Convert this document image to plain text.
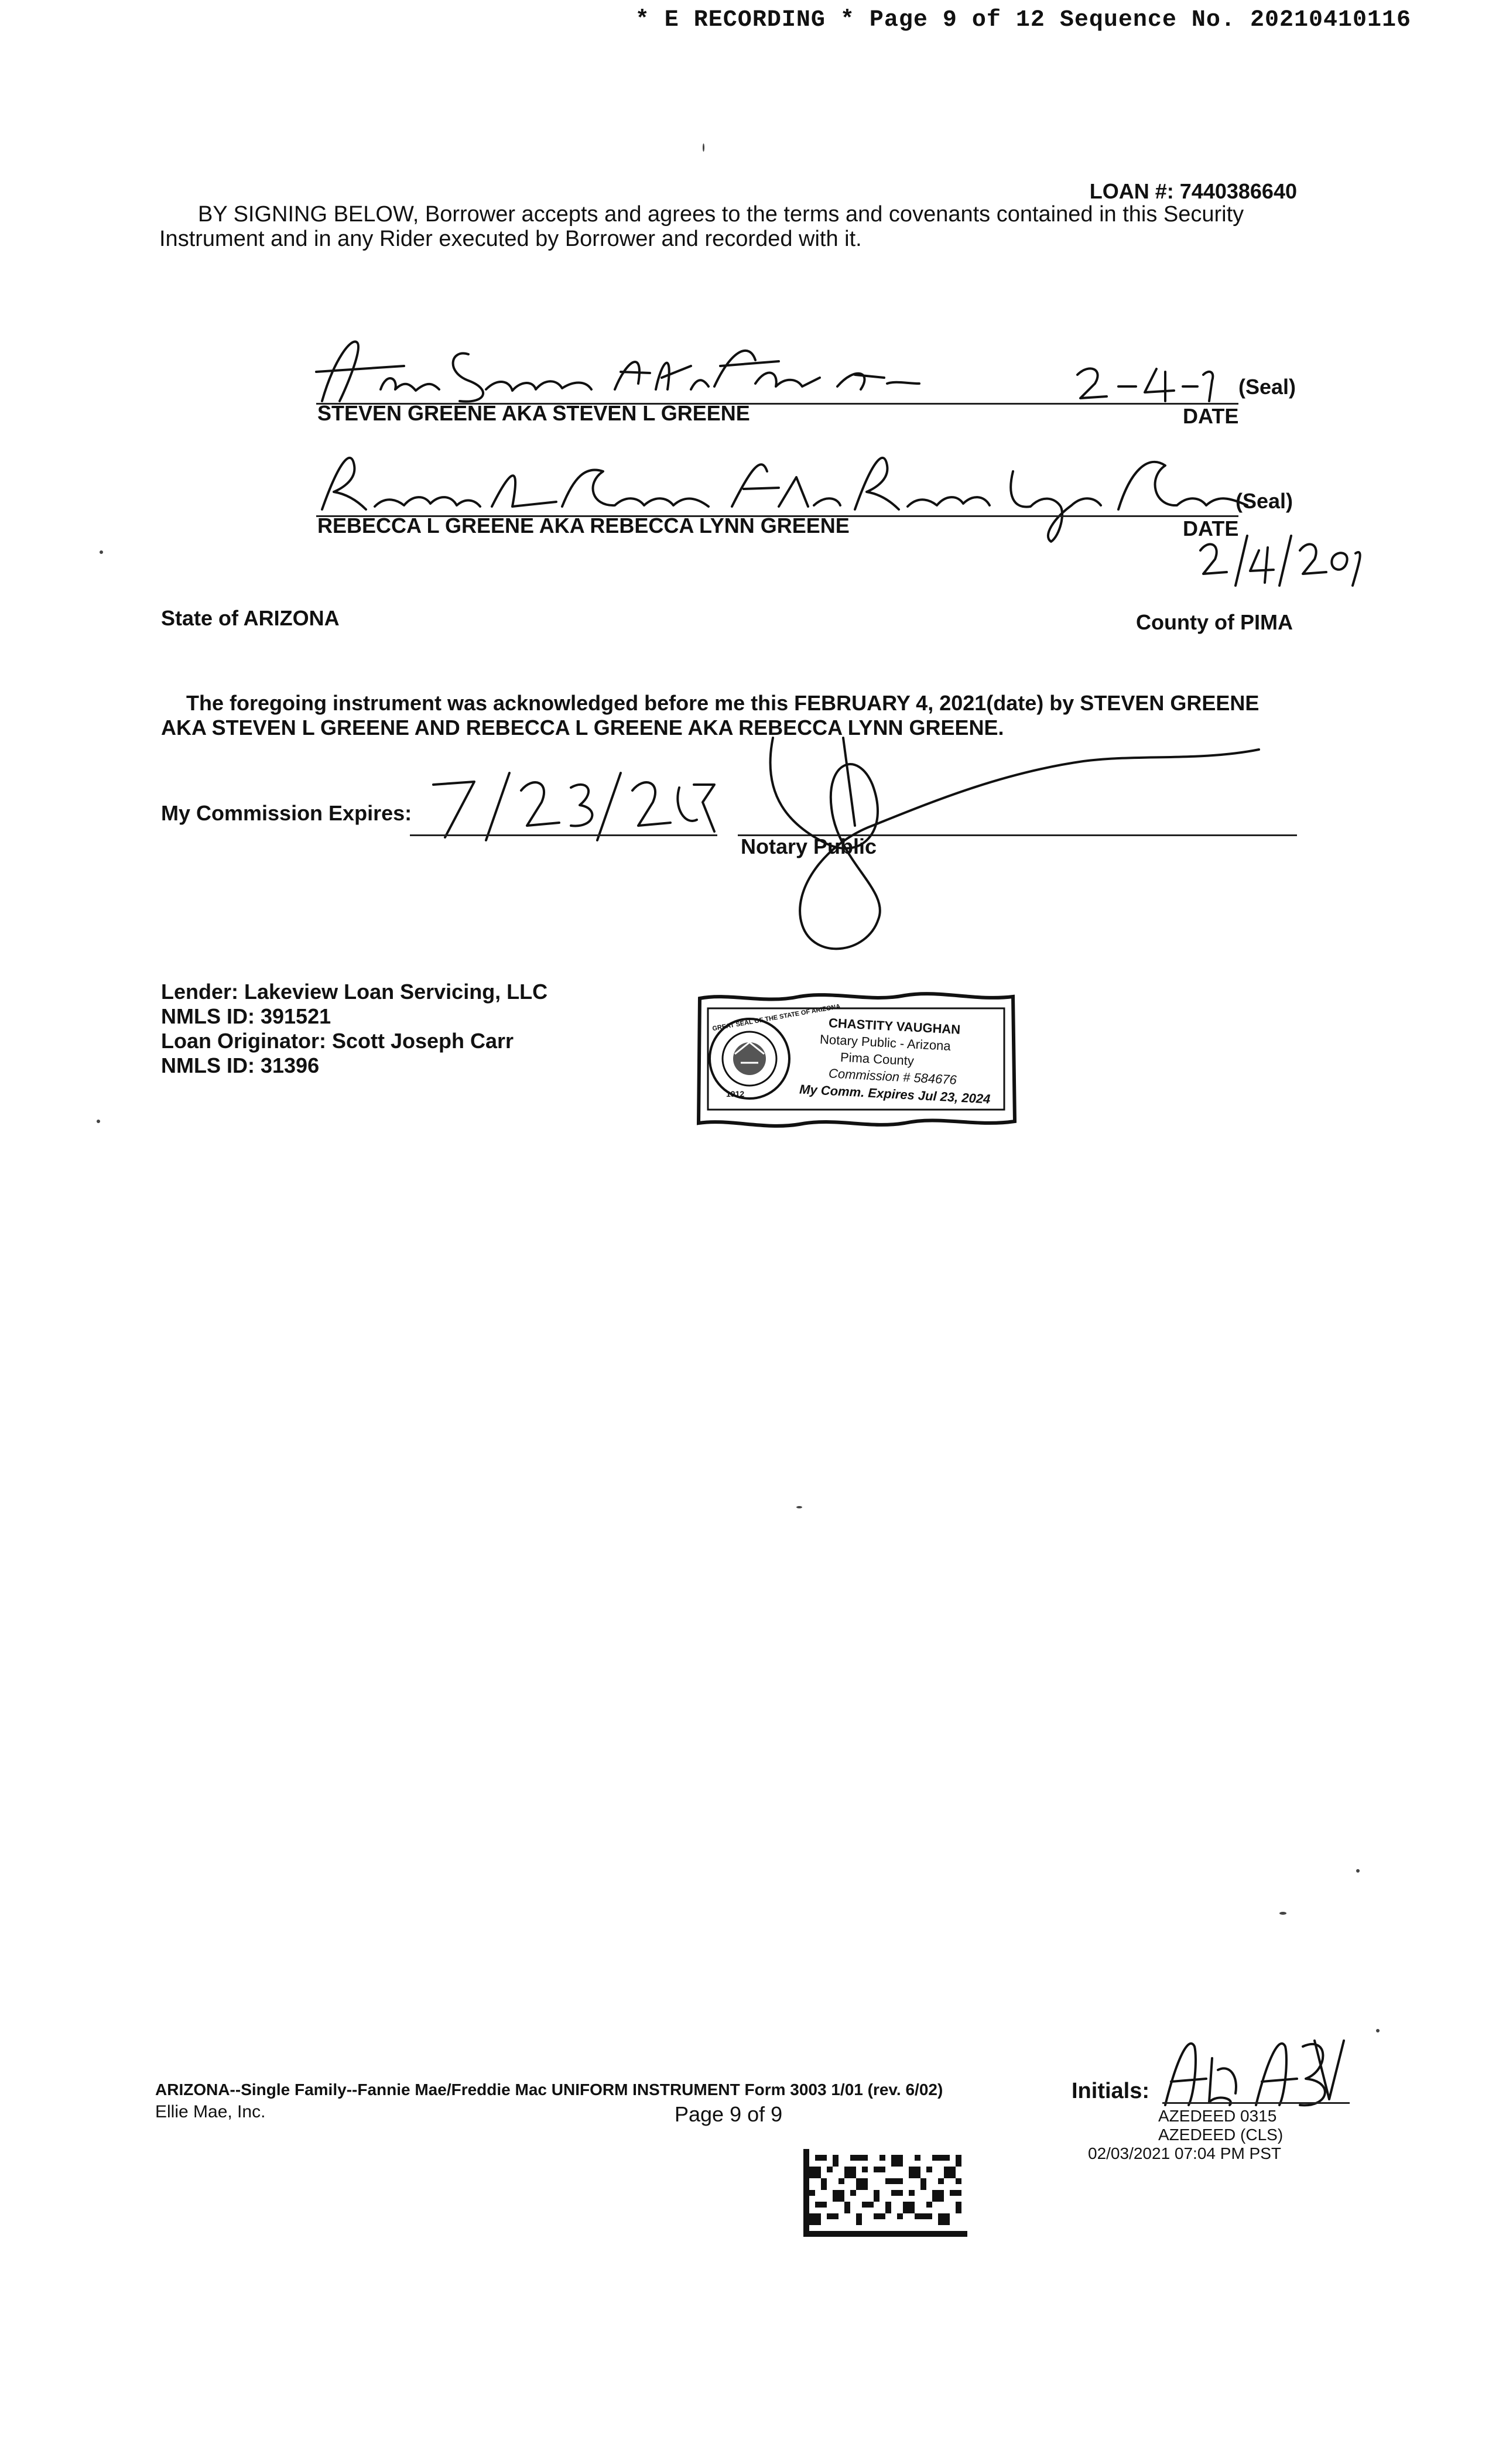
* E RECORDING * Page 9 of 12 Sequence No. 20210410116
LOAN #: 7440386640
BY SIGNING BELOW, Borrower accepts and agrees to the terms and covenants contained in this Security
Instrument and in any Rider executed by Borrower and recorded with it.
STEVEN GREENE AKA STEVEN L GREENE	DATE
(Seal)
REBECCA L GREENE AKA REBECCA LYNN GREENE	DATE
(Seal)
State of ARIZONA	County of PIMA
The foregoing instrument was acknowledged before me this FEBRUARY 4, 2021(date) by STEVEN GREENE
AKA STEVEN L GREENE AND REBECCA L GREENE AKA REBECCA LYNN GREENE.
My Commission Expires:
Notary Public
Lender: Lakeview Loan Servicing, LLC
NMLS ID: 391521
Loan Originator: Scott Joseph Carr
NMLS ID: 31396
1912
GREAT SEAL OF THE STATE OF ARIZONA
CHASTITY VAUGHAN
Notary Public - Arizona
Pima County
Commission # 584676
My Comm. Expires Jul 23, 2024
ARIZONA--Single Family--Fannie Mae/Freddie Mac UNIFORM INSTRUMENT Form 3003 1/01 (rev. 6/02)
Ellie Mae, Inc.	Page 9 of 9
Initials:
AZEDEED 0315
AZEDEED (CLS)
02/03/2021 07:04 PM PST
